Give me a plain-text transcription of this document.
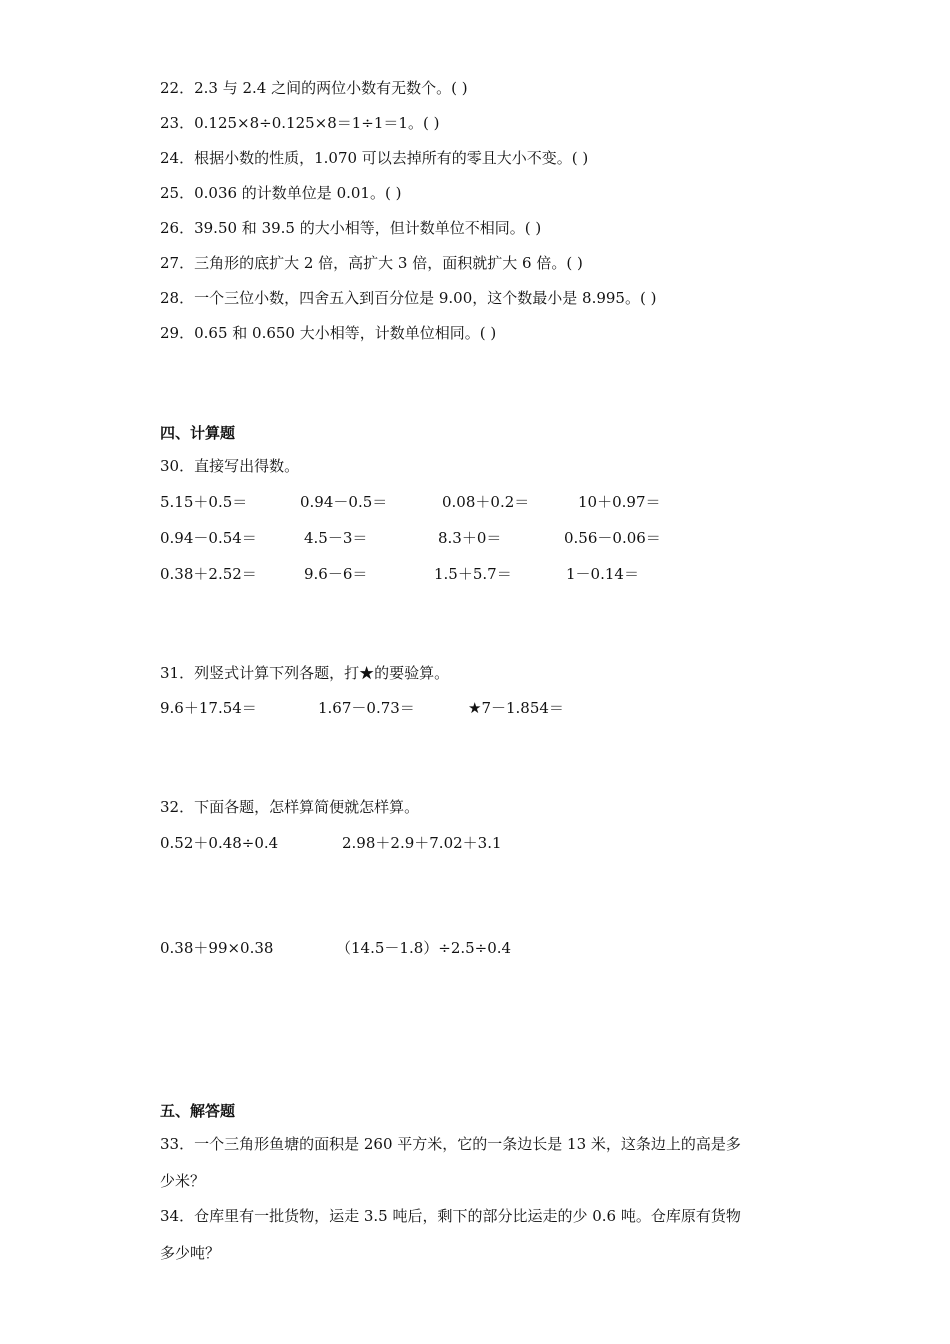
22．2.3 与 2.4 之间的两位小数有无数个。( )
23．0.125×8÷0.125×8＝1÷1＝1。( )
24．根据小数的性质，1.070 可以去掉所有的零且大小不变。( )
25．0.036 的计数单位是 0.01。( )
26．39.50 和 39.5 的大小相等，但计数单位不相同。( )
27．三角形的底扩大 2 倍，高扩大 3 倍，面积就扩大 6 倍。( )
28．一个三位小数，四舍五入到百分位是 9.00，这个数最小是 8.995。( )
29．0.65 和 0.650 大小相等，计数单位相同。( )
四、计算题
30．直接写出得数。
5.15＋0.5＝	0.94－0.5＝	0.08＋0.2＝	10＋0.97＝
0.94－0.54＝	4.5－3＝	8.3＋0＝	0.56－0.06＝
0.38＋2.52＝	9.6－6＝	1.5＋5.7＝	1－0.14＝
31．列竖式计算下列各题，打★的要验算。
9.6＋17.54＝	1.67－0.73＝	★7－1.854＝
32．下面各题，怎样算简便就怎样算。
0.52＋0.48÷0.4	2.98＋2.9＋7.02＋3.1
0.38＋99×0.38	（14.5－1.8）÷2.5÷0.4
五、解答题
33．一个三角形鱼塘的面积是 260 平方米，它的一条边长是 13 米，这条边上的高是多
少米？
34．仓库里有一批货物，运走 3.5 吨后，剩下的部分比运走的少 0.6 吨。仓库原有货物
多少吨？
